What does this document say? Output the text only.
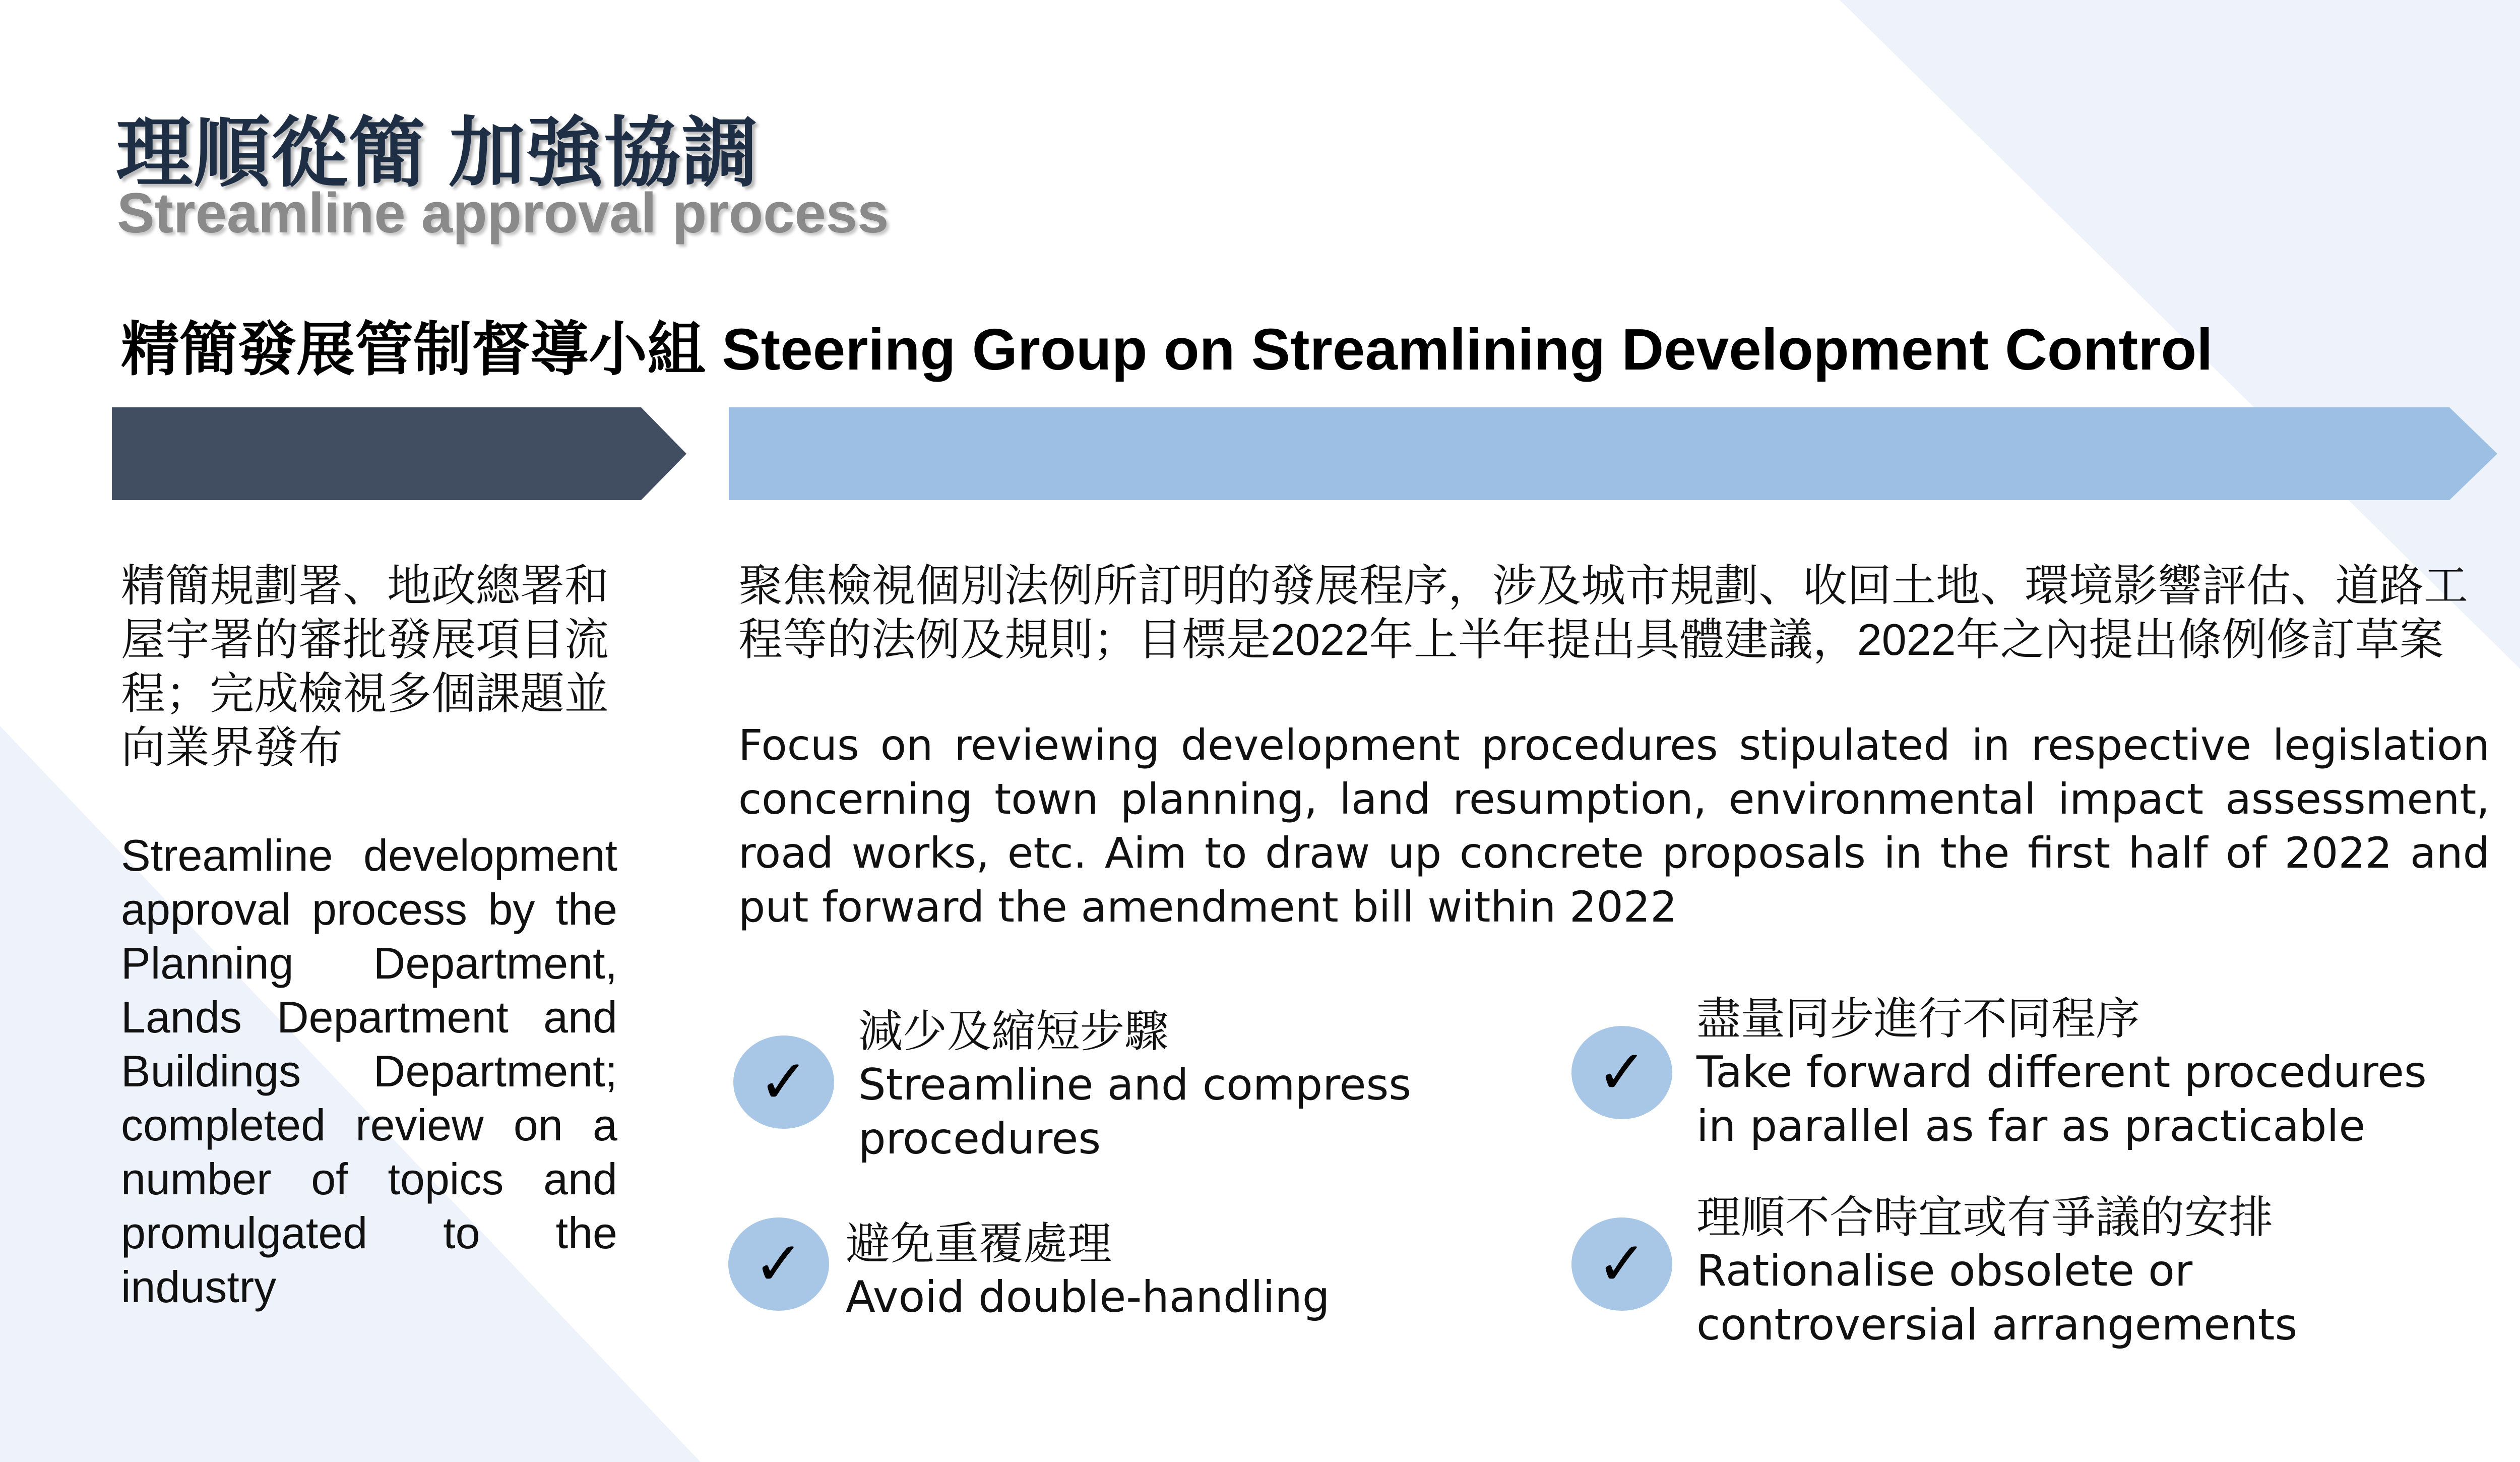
理順從簡 加強協調
Streamline approval process
精簡發展管制督導小組 Steering Group on Streamlining Development Control
精簡規劃署、地政總署和屋宇署的審批發展項目流程；完成檢視多個課題並向業界發布
Streamline development approval process by the Planning Department, Lands Department and Buildings Department; completed review on a number of topics and promulgated to the industry
聚焦檢視個別法例所訂明的發展程序，涉及城市規劃、收回土地、環境影響評估、道路工程等的法例及規則；目標是2022年上半年提出具體建議，2022年之內提出條例修訂草案
Focus on reviewing development procedures stipulated in respective legislation concerning town planning, land resumption, environmental impact assessment, road works, etc. Aim to draw up concrete proposals in the first half of 2022 and put forward the amendment bill within 2022
✓
減少及縮短步驟
Streamline and compress
procedures
✓
盡量同步進行不同程序
Take forward different procedures
in parallel as far as practicable
✓ 避免重覆處理
Avoid double-handling	✓
理順不合時宜或有爭議的安排
Rationalise obsolete or
controversial arrangements
